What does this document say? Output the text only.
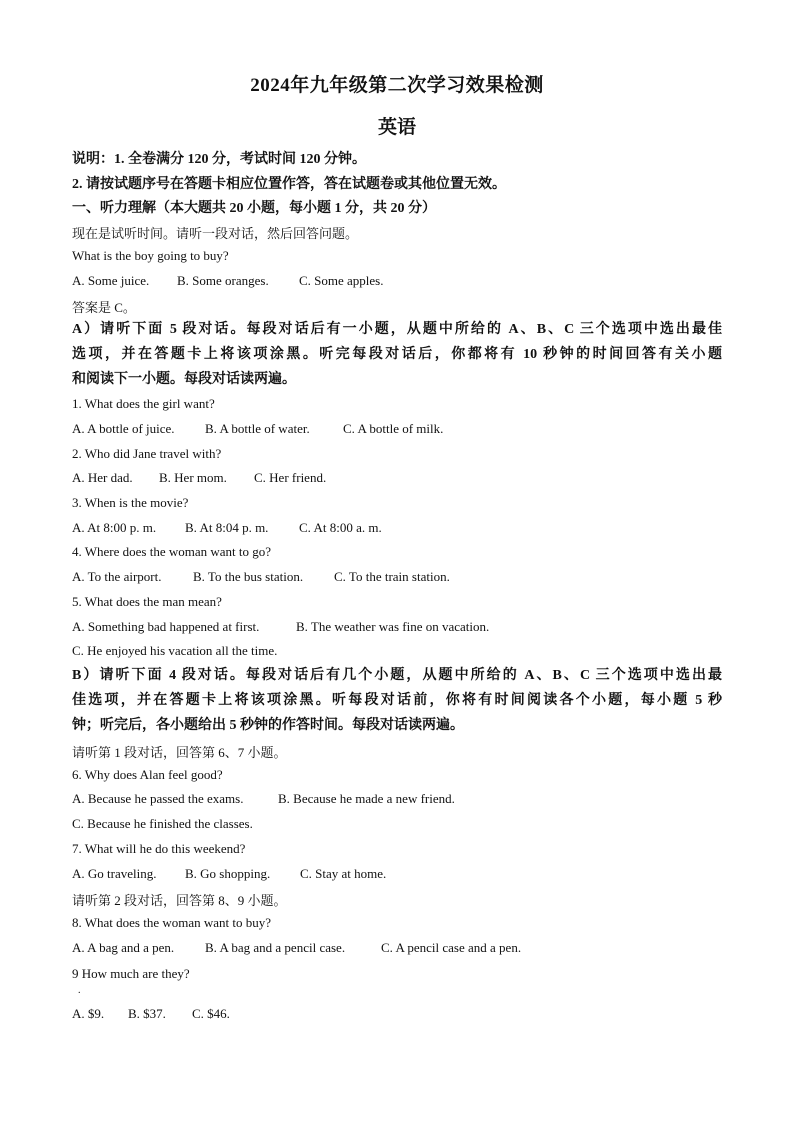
2024年九年级第二次学习效果检测
英语
说明：1. 全卷满分 120 分，考试时间 120 分钟。
2. 请按试题序号在答题卡相应位置作答，答在试题卷或其他位置无效。
一、听力理解（本大题共 20 小题，每小题 1 分，共 20 分）
现在是试听时间。请听一段对话，然后回答问题。
What is the boy going to buy?
A. Some juice. B. Some oranges. C. Some apples.
答案是 C。
A）请听下面 5 段对话。每段对话后有一小题，从题中所给的 A、B、C 三个选项中选出最佳
选项，并在答题卡上将该项涂黑。听完每段对话后，你都将有 10 秒钟的时间回答有关小题
和阅读下一小题。每段对话读两遍。
1. What does the girl want?
A. A bottle of juice. B. A bottle of water.	C. A bottle of milk.
2. Who did Jane travel with?
A. Her dad. B. Her mom. C. Her friend.
3. When is the movie?
A. At 8:00 p. m. B. At 8:04 p. m. C. At 8:00 a. m.
4. Where does the woman want to go?
A. To the airport. B. To the bus station. C. To the train station.
5. What does the man mean?
A. Something bad happened at first.	B. The weather was fine on vacation.
C. He enjoyed his vacation all the time.
B）请听下面 4 段对话。每段对话后有几个小题，从题中所给的 A、B、C 三个选项中选出最
佳选项，并在答题卡上将该项涂黑。听每段对话前，你将有时间阅读各个小题，每小题 5 秒
钟；听完后，各小题给出 5 秒钟的作答时间。每段对话读两遍。
请听第 1 段对话，回答第 6、7 小题。
6. Why does Alan feel good?
A. Because he passed the exams.	B. Because he made a new friend.
C. Because he finished the classes.
7. What will he do this weekend?
A. Go traveling. B. Go shopping. C. Stay at home.
请听第 2 段对话，回答第 8、9 小题。
8. What does the woman want to buy?
A. A bag and a pen. B. A bag and a pencil case.	C. A pencil case and a pen.
9 How much are they?
.
A. $9. B. $37. C. $46.
